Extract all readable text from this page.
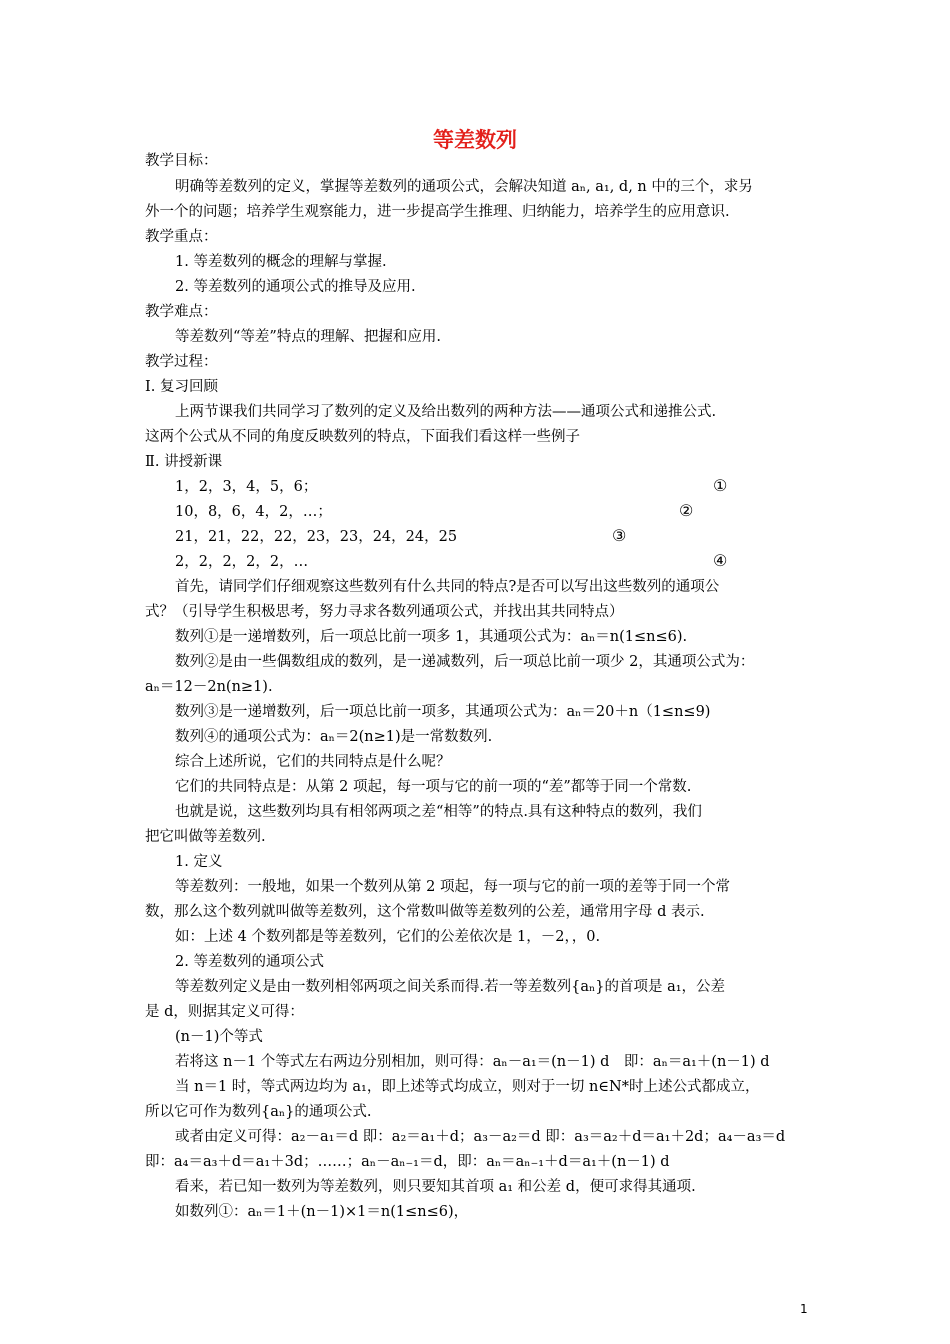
等差数列
教学目标：
明确等差数列的定义，掌握等差数列的通项公式，会解决知道 aₙ, a₁, d, n 中的三个，求另
外一个的问题；培养学生观察能力，进一步提高学生推理、归纳能力，培养学生的应用意识.
教学重点：
1. 等差数列的概念的理解与掌握.
2. 等差数列的通项公式的推导及应用.
教学难点：
等差数列“等差”特点的理解、把握和应用.
教学过程：
Ⅰ. 复习回顾
上两节课我们共同学习了数列的定义及给出数列的两种方法——通项公式和递推公式.
这两个公式从不同的角度反映数列的特点，下面我们看这样一些例子
Ⅱ. 讲授新课
1，2，3，4，5，6；	①
10，8，6，4，2，…；	②
21，21，22，22，23，23，24，24，25	③
2，2，2，2，2，…	④
首先，请同学们仔细观察这些数列有什么共同的特点?是否可以写出这些数列的通项公
式？（引导学生积极思考，努力寻求各数列通项公式，并找出其共同特点）
数列①是一递增数列，后一项总比前一项多 1，其通项公式为：aₙ＝n(1≤n≤6).
数列②是由一些偶数组成的数列，是一递减数列，后一项总比前一项少 2，其通项公式为：
aₙ＝12－2n(n≥1).
数列③是一递增数列，后一项总比前一项多，其通项公式为：aₙ＝20＋n（1≤n≤9)
数列④的通项公式为：aₙ＝2(n≥1)是一常数数列.
综合上述所说，它们的共同特点是什么呢？
它们的共同特点是：从第 2 项起，每一项与它的前一项的“差”都等于同一个常数.
也就是说，这些数列均具有相邻两项之差“相等”的特点.具有这种特点的数列，我们
把它叫做等差数列.
1. 定义
等差数列：一般地，如果一个数列从第 2 项起，每一项与它的前一项的差等于同一个常
数，那么这个数列就叫做等差数列，这个常数叫做等差数列的公差，通常用字母 d 表示.
如：上述 4 个数列都是等差数列，它们的公差依次是 1，－2，，0.
2. 等差数列的通项公式
等差数列定义是由一数列相邻两项之间关系而得.若一等差数列{aₙ}的首项是 a₁，公差
是 d，则据其定义可得：
(n－1)个等式
若将这 n－1 个等式左右两边分别相加，则可得：aₙ－a₁＝(n－1) d　即：aₙ＝a₁＋(n－1) d
当 n＝1 时，等式两边均为 a₁，即上述等式均成立，则对于一切 n∈N*时上述公式都成立，
所以它可作为数列{aₙ}的通项公式.
或者由定义可得：a₂－a₁＝d 即：a₂＝a₁＋d；a₃－a₂＝d 即：a₃＝a₂＋d＝a₁＋2d；a₄－a₃＝d
即：a₄＝a₃＋d＝a₁＋3d；……；aₙ－aₙ₋₁＝d，即：aₙ＝aₙ₋₁＋d＝a₁＋(n－1) d
看来，若已知一数列为等差数列，则只要知其首项 a₁ 和公差 d，便可求得其通项.
如数列①：aₙ＝1＋(n－1)×1＝n(1≤n≤6)，
1
